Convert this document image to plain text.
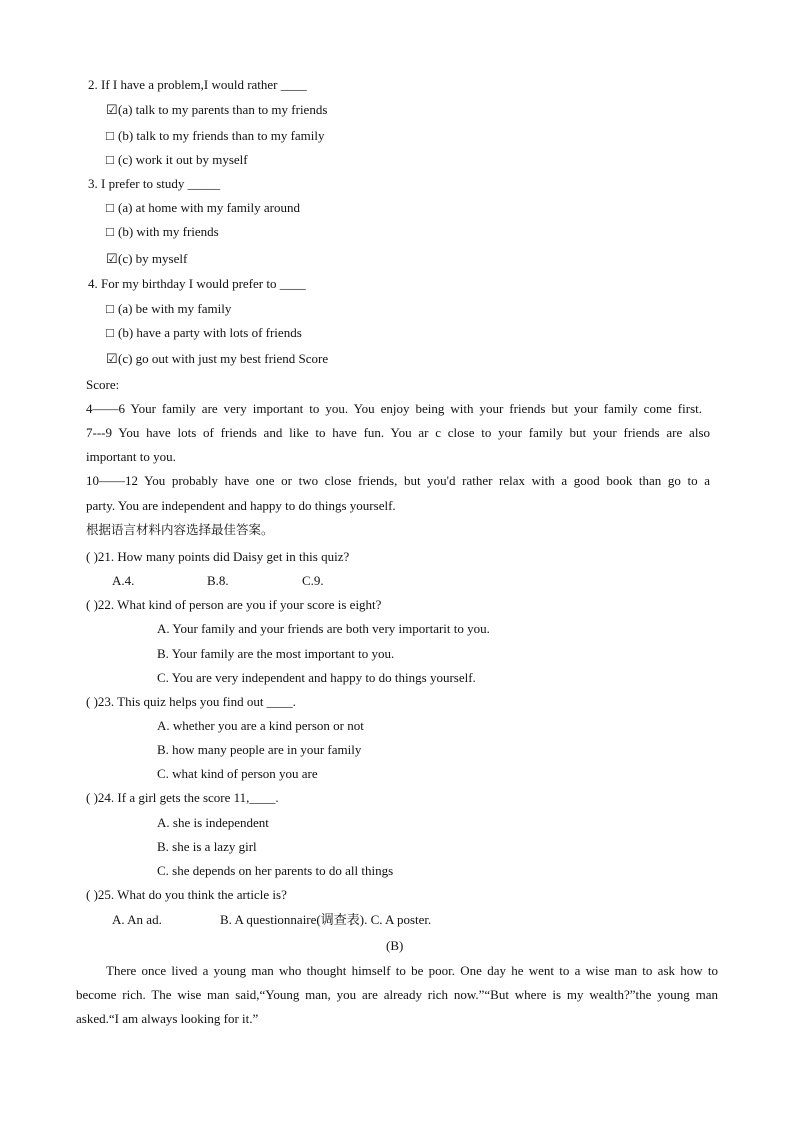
2. If I have a problem,I would rather ____
☑(a) talk to my parents than to my friends
□ (b) talk to my friends than to my family
□ (c) work it out by myself
3. I prefer to study _____
□ (a) at home with my family around
□ (b) with my friends
☑(c) by myself
4. For my birthday I would prefer to ____
□ (a) be with my family
□ (b) have a party with lots of friends
☑(c) go out with just my best friend Score
Score:
4——6 Your family are very important to you. You enjoy being with your friends but your family come first.
7---9 You have lots of friends and like to have fun. You ar c close to your family but your friends are also
important to you.
10——12 You probably have one or two close friends, but you'd rather relax with a good book than go to a
party. You are independent and happy to do things yourself.
根据语言材料内容选择最佳答案。
( )21. How many points did Daisy get in this quiz?
A.4.	B.8.	C.9.
( )22. What kind of person are you if your score is eight?
A. Your family and your friends are both very importarit to you.
B. Your family are the most important to you.
C. You are very independent and happy to do things yourself.
( )23. This quiz helps you find out ____.
A. whether you are a kind person or not
B. how many people are in your family
C. what kind of person you are
( )24. If a girl gets the score 11,____.
A. she is independent
B. she is a lazy girl
C. she depends on her parents to do all things
( )25. What do you think the article is?
A. An ad.	B. A questionnaire(调查表). C. A poster.
(B)
There once lived a young man who thought himself to be poor. One day he went to a wise man to ask how to
become rich. The wise man said,“Young man, you are already rich now.”“But where is my wealth?”the young man
asked.“I am always looking for it.”
